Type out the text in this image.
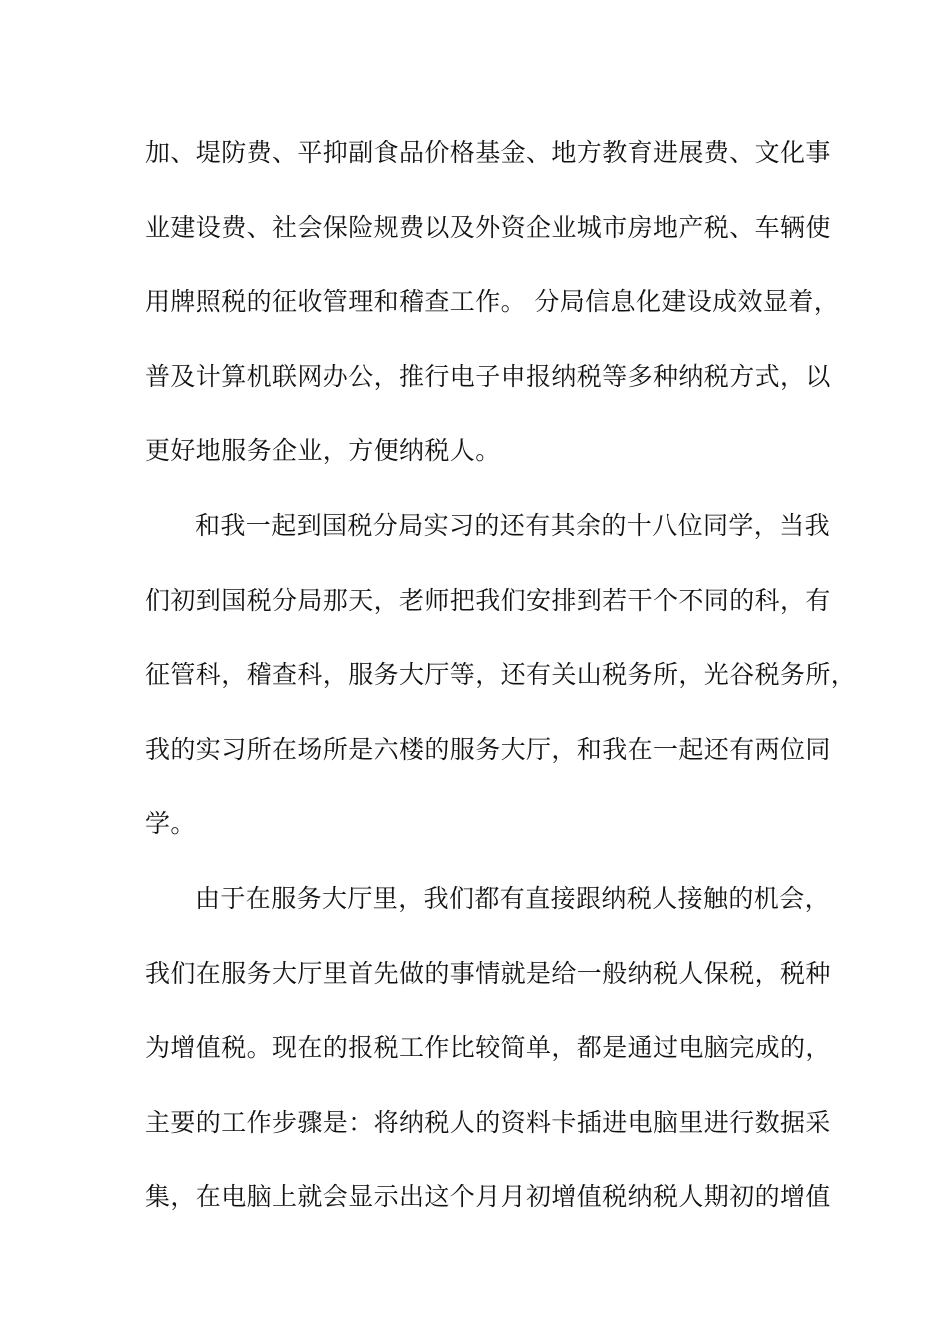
加、堤防费、平抑副食品价格基金、地方教育进展费、文化事
业建设费、社会保险规费以及外资企业城市房地产税、车辆使
用牌照税的征收管理和稽查工作。 分局信息化建设成效显着，
普及计算机联网办公，推行电子申报纳税等多种纳税方式，以
更好地服务企业，方便纳税人。
和我一起到国税分局实习的还有其余的十八位同学，当我
们初到国税分局那天，老师把我们安排到若干个不同的科，有
征管科，稽查科，服务大厅等，还有关山税务所，光谷税务所，
我的实习所在场所是六楼的服务大厅，和我在一起还有两位同
学。
由于在服务大厅里，我们都有直接跟纳税人接触的机会，
我们在服务大厅里首先做的事情就是给一般纳税人保税，税种
为增值税。现在的报税工作比较简单，都是通过电脑完成的，
主要的工作步骤是：将纳税人的资料卡插进电脑里进行数据采
集，在电脑上就会显示出这个月月初增值税纳税人期初的增值
